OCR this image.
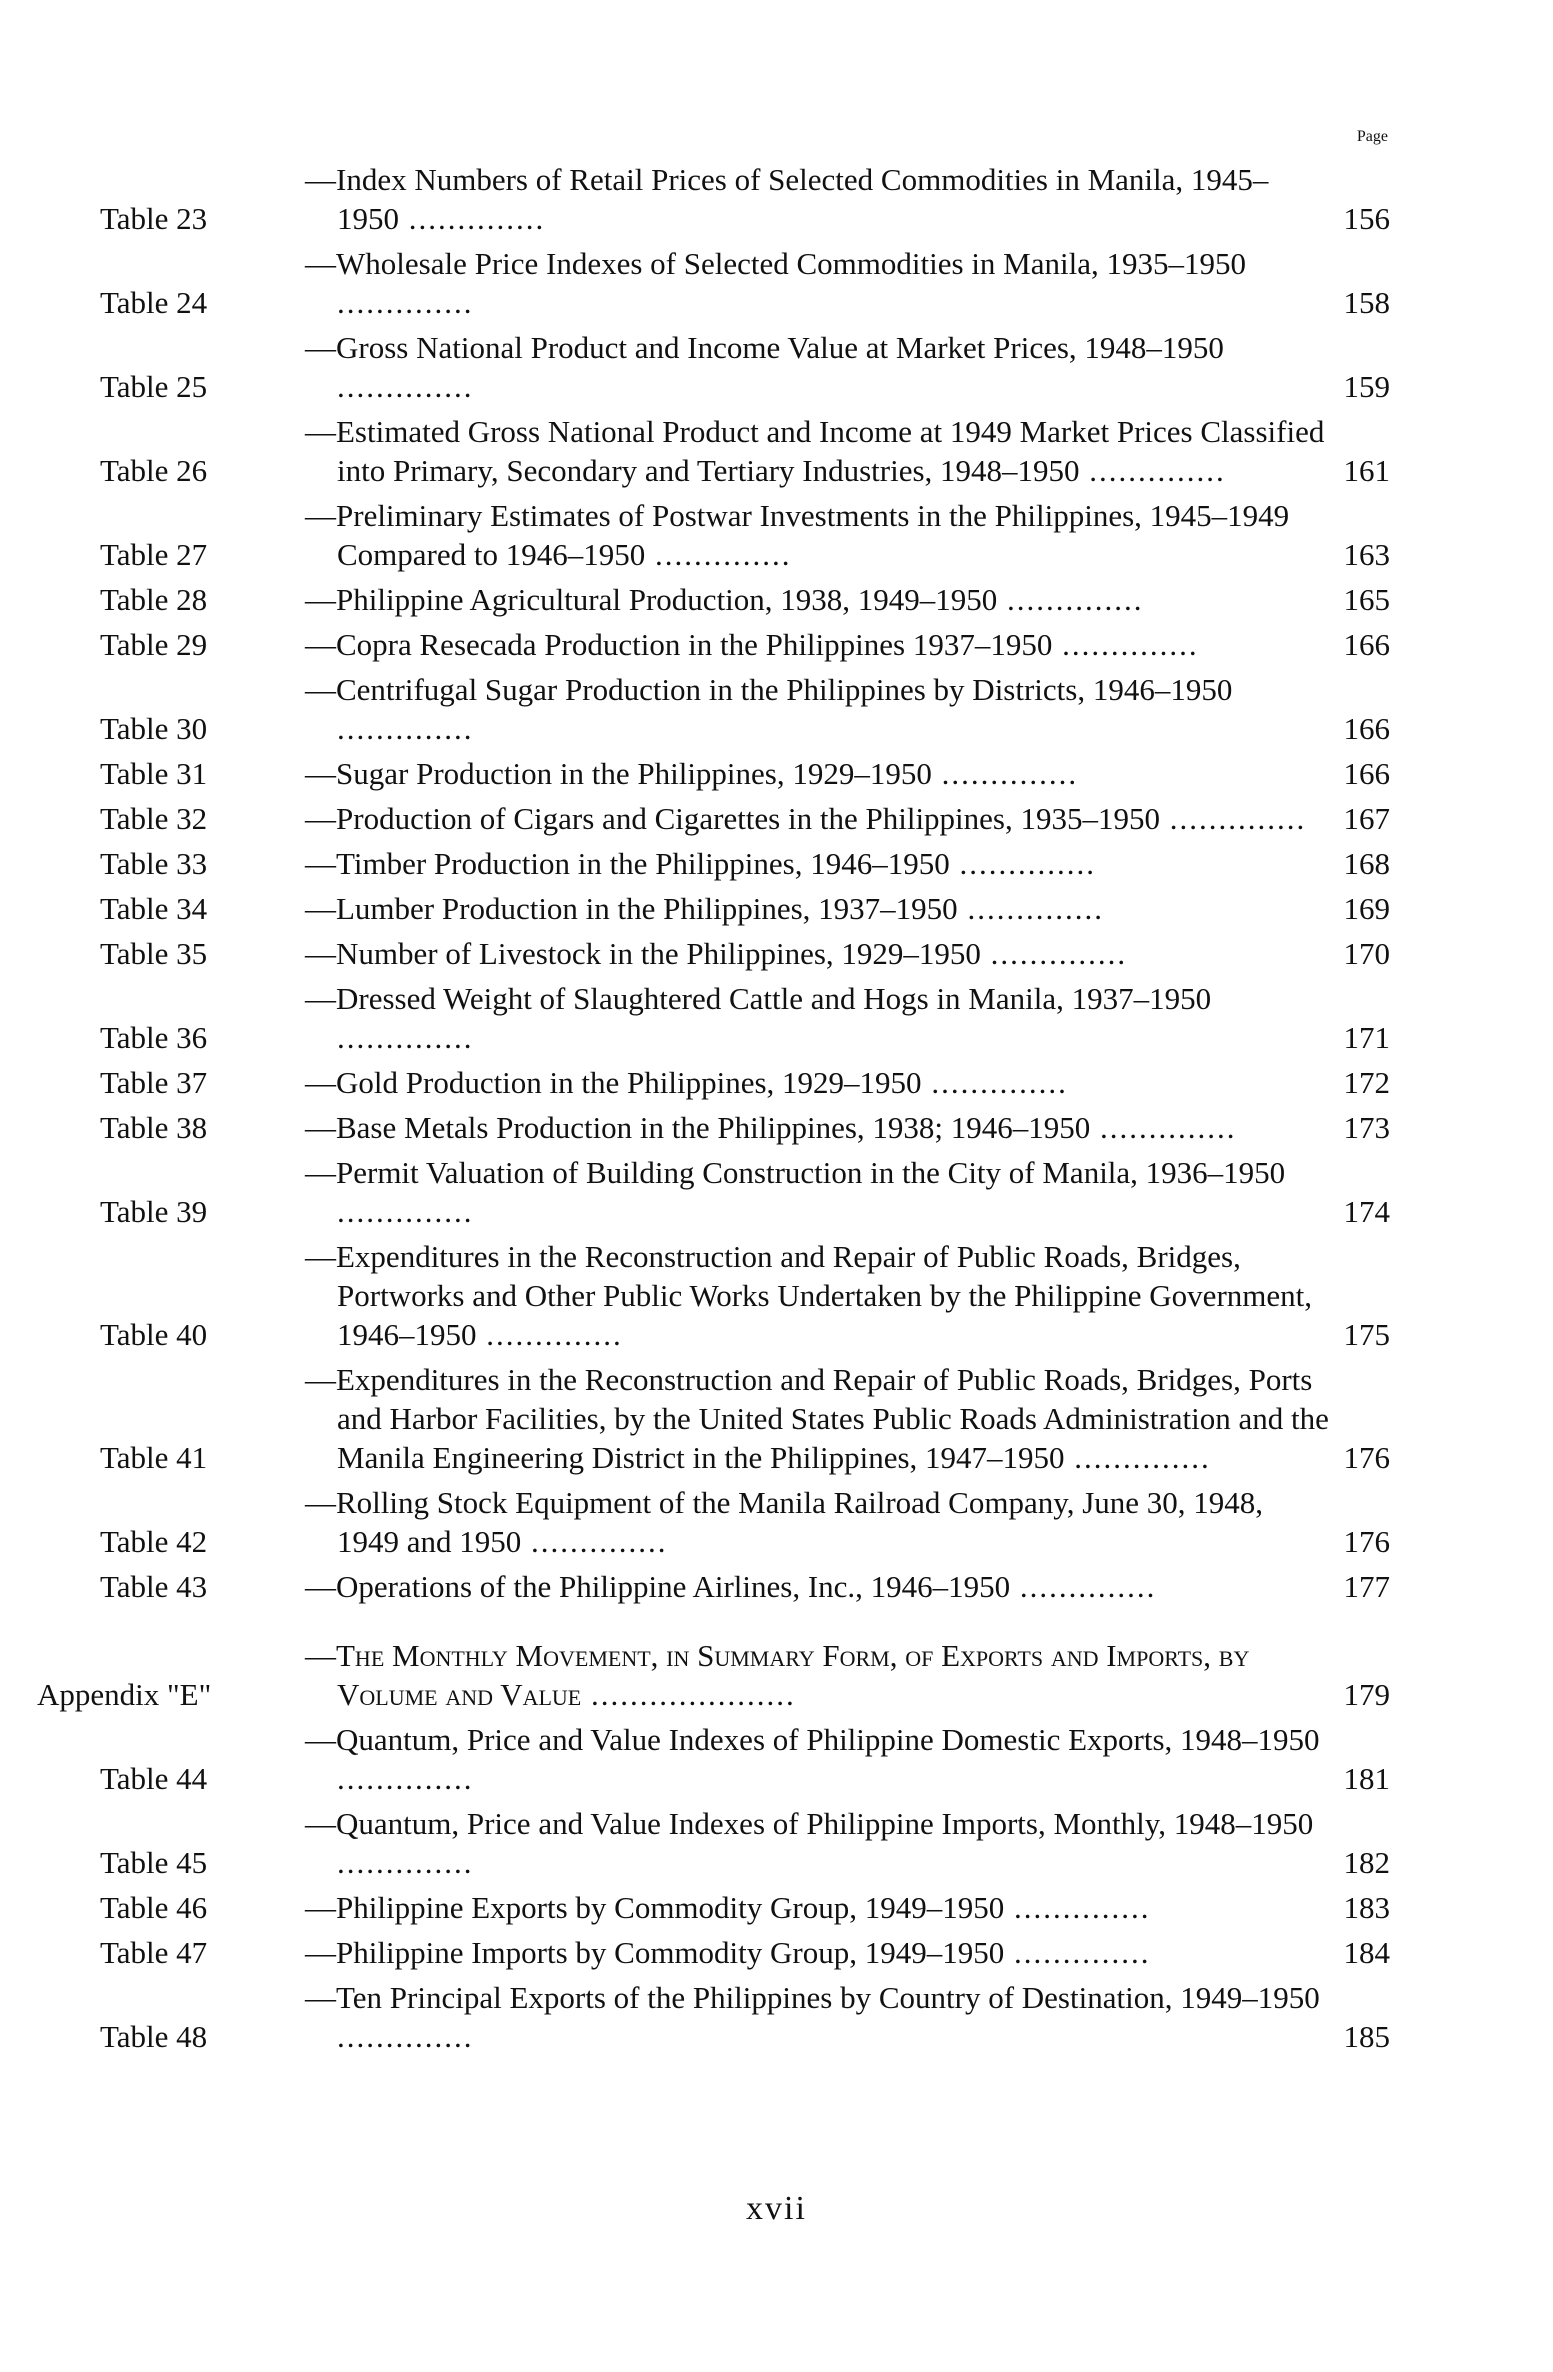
Page
Table 23
—Index Numbers of Retail Prices of Selected Commodities in Manila, 1945–1950 ..............	156
Table 24
—Wholesale Price Indexes of Selected Commodities in Manila, 1935–1950 ..............	158
Table 25
—Gross National Product and Income Value at Market Prices, 1948–1950 ..............	159
Table 26
—Estimated Gross National Product and Income at 1949 Market Prices Classified into Primary, Secondary and Tertiary Industries, 1948–1950 ..............	161
Table 27
—Preliminary Estimates of Postwar Investments in the Philippines, 1945–1949 Compared to 1946–1950 ..............	163
Table 28	—Philippine Agricultural Production, 1938, 1949–1950 ..............	165
Table 29	—Copra Resecada Production in the Philippines 1937–1950 ..............	166
Table 30
—Centrifugal Sugar Production in the Philippines by Districts, 1946–1950 ..............	166
Table 31	—Sugar Production in the Philippines, 1929–1950 ..............	166
Table 32	—Production of Cigars and Cigarettes in the Philippines, 1935–1950 ..............	167
Table 33	—Timber Production in the Philippines, 1946–1950 ..............	168
Table 34	—Lumber Production in the Philippines, 1937–1950 ..............	169
Table 35	—Number of Livestock in the Philippines, 1929–1950 ..............	170
Table 36
—Dressed Weight of Slaughtered Cattle and Hogs in Manila, 1937–1950 ..............	171
Table 37	—Gold Production in the Philippines, 1929–1950 ..............	172
Table 38	—Base Metals Production in the Philippines, 1938; 1946–1950 ..............	173
Table 39
—Permit Valuation of Building Construction in the City of Manila, 1936–1950 ..............	174
Table 40
—Expenditures in the Reconstruction and Repair of Public Roads, Bridges, Portworks and Other Public Works Undertaken by the Philippine Government, 1946–1950 ..............	175
Table 41
—Expenditures in the Reconstruction and Repair of Public Roads, Bridges, Ports and Harbor Facilities, by the United States Public Roads Administration and the Manila Engineering District in the Philippines, 1947–1950 ..............	176
Table 42
—Rolling Stock Equipment of the Manila Railroad Company, June 30, 1948, 1949 and 1950 ..............	176
Table 43	—Operations of the Philippine Airlines, Inc., 1946–1950 ..............	177
Appendix "E"
—The Monthly Movement, in Summary Form, of Exports and Imports, by Volume and Value .....................	179
Table 44
—Quantum, Price and Value Indexes of Philippine Domestic Exports, 1948–1950 ..............	181
Table 45
—Quantum, Price and Value Indexes of Philippine Imports, Monthly, 1948–1950 ..............	182
Table 46	—Philippine Exports by Commodity Group, 1949–1950 ..............	183
Table 47	—Philippine Imports by Commodity Group, 1949–1950 ..............	184
Table 48
—Ten Principal Exports of the Philippines by Country of Destination, 1949–1950 ..............	185
xvii
